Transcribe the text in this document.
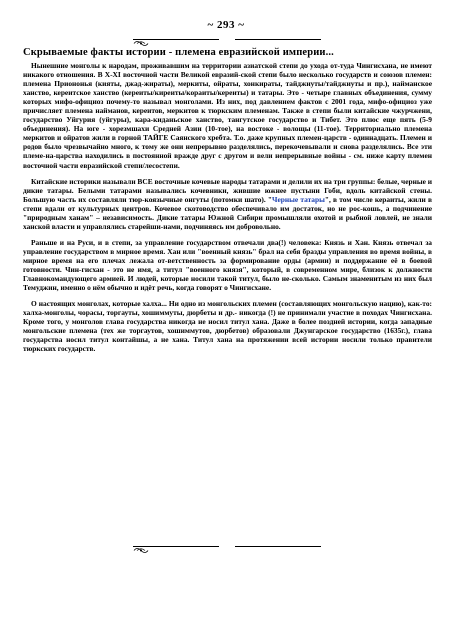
~ 293 ~
Скрываемые факты истории - племена евразийской империи...

Нынешние монголы к народам, проживавшим на территории азиатской степи до ухода от-туда Чингисхана, не имеют никакого отношения. В X-XI восточной части Великой евразий-ской степи было несколько государств и союзов племен: племена Приононья (кияты, джад-жираты), меркиты, ойраты, хонкираты, тайджиуты/тайджиуты и пр.), найманское ханство, кереитское ханство (кереиты/киреиты/кораиты/кереиты) и татары. Это - четыре главных объединения, сумму которых мифо-официоз почему-то называл монголами. Из них, под давлением фактов с 2001 года, мифо-официоз уже причисляет племена найманов, кереитов, меркитов к тюркским племенам. Также в степи были китайские чжурчжени, государство Уйгурия (уйгуры), кара-киданьское ханство, тангутское государство и Тибет. Это плюс еще пять (5-9 объединения). На юге - хорезмшахи Средней Азии (10-тое), на востоке - волощы (11-тое). Территориально племена меркитов и ойратов жили в горной ТАЙГЕ Саянского хребта. Т.о. даже крупных племен-царств - одиннадцать. Племен и родов было чрезвычайно много, к тому же они непрерывно разделялись, перекочевывали и снова разделялись. Все эти племе-на-царства находились в постоянной вражде друг с другом и вели непрерывные войны - см. ниже карту племен восточной части евразийской степи/лесостепи.

Китайские историки называли ВСЕ восточные кочевые народы татарами и делили их на три группы: белые, черные и дикие татары. Белыми татарами назывались кочевники, жившие южнее пустыни Гоби, вдоль китайской стены. Большую часть их составляли тюр-коязычные онгуты (потомки шато). "Черные татары", в том числе кераиты, жили в степи вдали от культурных центров. Кочевое скотоводство обеспечивало им достаток, но не рос-кошь, а подчинение "природным ханам" – независимость. Дикие татары Южной Сибири промышляли охотой и рыбной ловлей, не знали ханской власти и управлялись старейши-нами, подчиняясь им добровольно.

Раньше и на Руси, и в степи, за управление государством отвечали два(!) человека: Князь и Хан. Князь отвечал за управление государством в мирное время. Хан или "военный князь" брал на себя бразды управления во время войны, в мирное время на его плечах лежала от-ветственность за формирование орды (армии) и поддержание её в боевой готовности. Чин-гисхан - это не имя, а титул "военного князя", который, в современном мире, близок к должности Главнокомандующего армией. И людей, которые носили такой титул, было не-сколько. Самым знаменитым из них был Темуджин, именно о нём обычно и идёт речь, когда говорят о Чингисхане.

О настоящих монголах, которые халха... Ни одно из монгольских племен (составляющих монгольскую нацию), как-то: халха-монголы, чорасы, торгауты, хошиммуты, дюрбеты и др.- никогда (!) не принимали участие в походах Чингисхана. Кроме того, у монголов глава государства никогда не носил титул хана. Даже в более поздней истории, когда западные монгольские племена (тех же торгаутов, хошиммутов, дюрбетов) образовали Джунгарское государство (1635г.), глава государства носил титул контайшы, а не хана. Титул хана на протяжении всей истории носили только правители тюркских государств.
